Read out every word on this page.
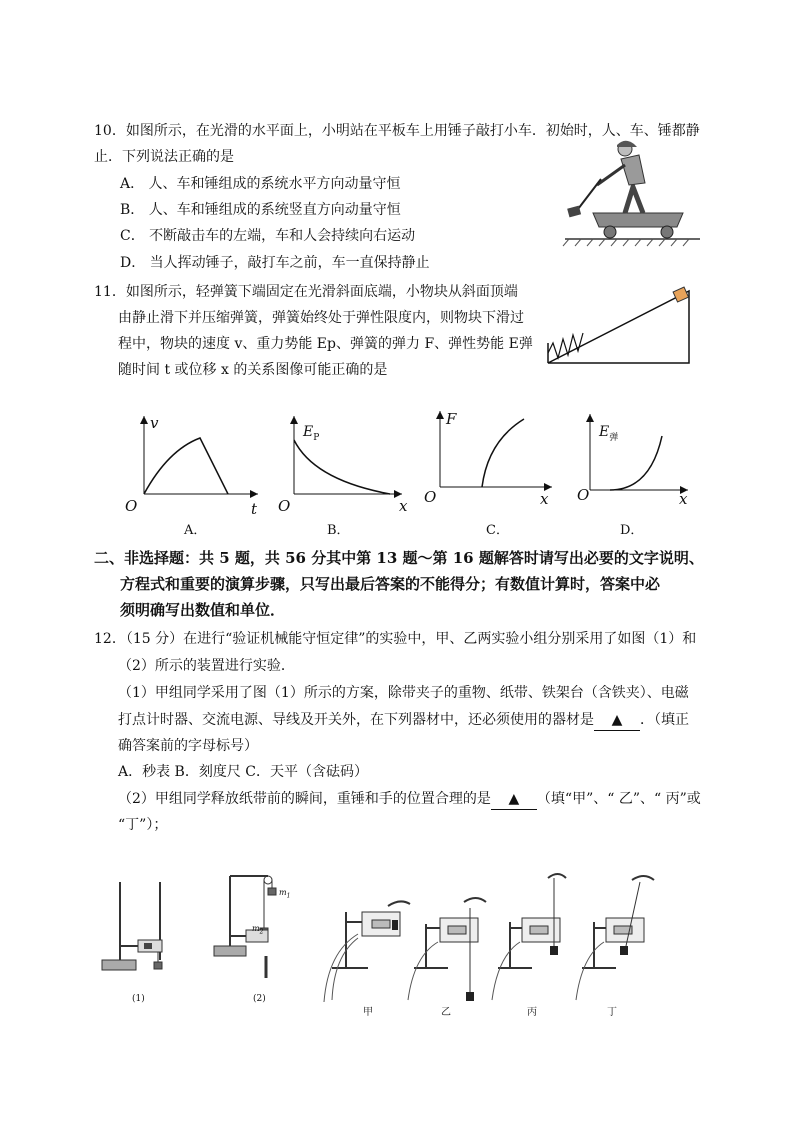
10．如图所示，在光滑的水平面上，小明站在平板车上用锤子敲打小车．初始时，人、车、锤都静
止．下列说法正确的是
A． 人、车和锤组成的系统水平方向动量守恒
B． 人、车和锤组成的系统竖直方向动量守恒
C． 不断敲击车的左端，车和人会持续向右运动
D． 当人挥动锤子，敲打车之前，车一直保持静止
11．如图所示，轻弹簧下端固定在光滑斜面底端，小物块从斜面顶端
由静止滑下并压缩弹簧，弹簧始终处于弹性限度内，则物块下滑过
程中，物块的速度 v、重力势能 Ep、弹簧的弹力 F、弹性势能 E弹
随时间 t 或位移 x 的关系图像可能正确的是
v
O	t
A．
$E_P$
O	x
B．
F
O	x
C．
$E_弹$
O	x
D．
二、非选择题：共 5 题，共 56 分其中第 13 题～第 16 题解答时请写出必要的文字说明、
方程式和重要的演算步骤，只写出最后答案的不能得分；有数值计算时，答案中必
须明确写出数值和单位．
12．（15 分）在进行“验证机械能守恒定律”的实验中，甲、乙两实验小组分别采用了如图（1）和
（2）所示的装置进行实验．
（1）甲组同学采用了图（1）所示的方案，除带夹子的重物、纸带、铁架台（含铁夹）、电磁
打点计时器、交流电源、导线及开关外，在下列器材中，还必须使用的器材是 ▲ ．（填正
确答案前的字母标号）
A．秒表 B．刻度尺 C．天平（含砝码）
（2）甲组同学释放纸带前的瞬间，重锤和手的位置合理的是 ▲ （填“甲”、“ 乙”、“ 丙”或
“丁”）；
(1)
$m_1$
$m_2$
(2)
甲	乙	丙	丁
